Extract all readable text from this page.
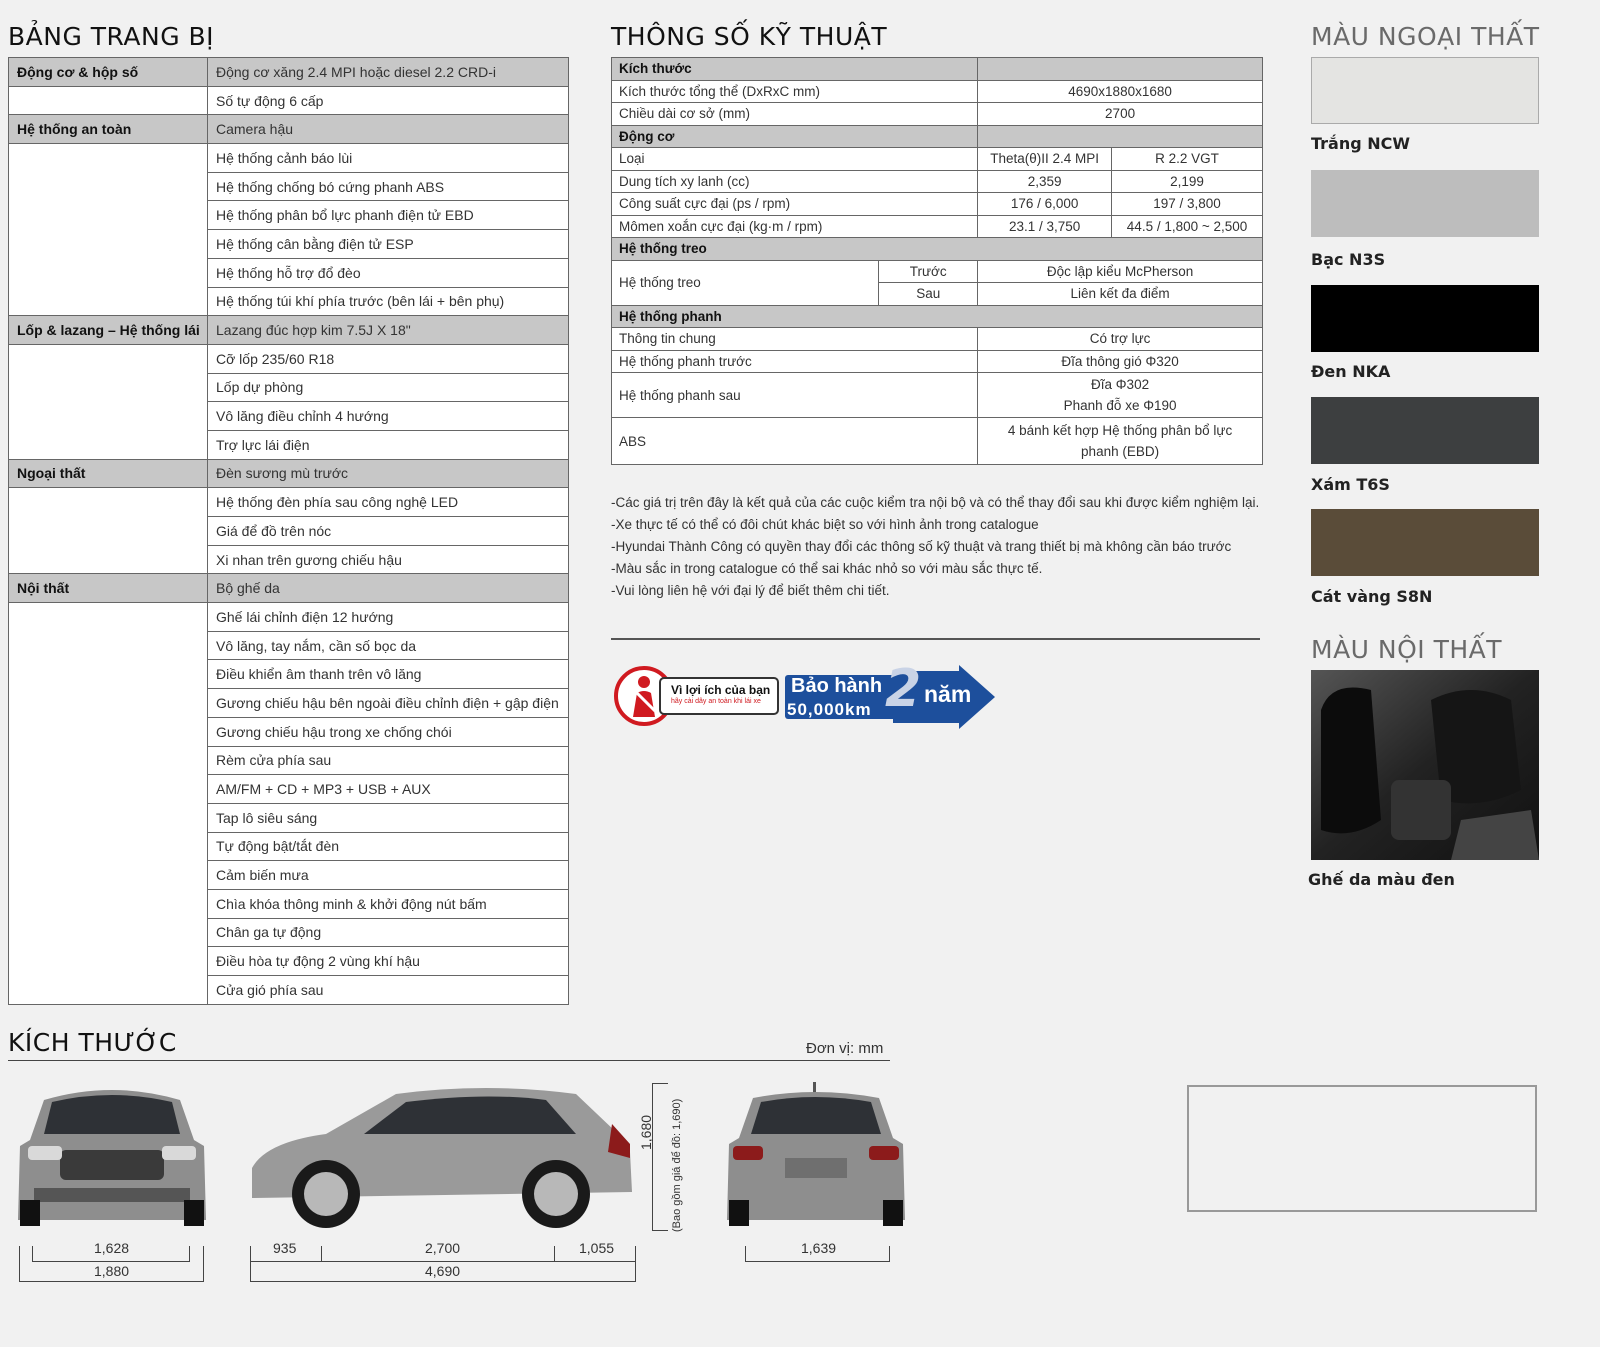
BẢNG TRANG BỊ
Động cơ & hộp số	Động cơ xăng 2.4 MPI hoặc diesel 2.2 CRD-i
	Số tự động 6 cấp
Hệ thống an toàn	Camera hậu
	Hệ thống cảnh báo lùi
	Hệ thống chống bó cứng phanh ABS
	Hệ thống phân bổ lực phanh điện tử EBD
	Hệ thống cân bằng điện tử ESP
	Hệ thống hỗ trợ đổ đèo
	Hệ thống túi khí phía trước (bên lái + bên phụ)
Lốp & lazang – Hệ thống lái	Lazang đúc hợp kim 7.5J X 18"
	Cỡ lốp 235/60 R18
	Lốp dự phòng
	Vô lăng điều chỉnh 4 hướng
	Trợ lực lái điện
Ngoại thất	Đèn sương mù trước
	Hệ thống đèn phía sau công nghệ LED
	Giá để đồ trên nóc
	Xi nhan trên gương chiếu hậu
Nội thất	Bộ ghế da
	Ghế lái chỉnh điện 12 hướng
	Vô lăng, tay nắm, cần số bọc da
	Điều khiển âm thanh trên vô lăng
	Gương chiếu hậu bên ngoài điều chỉnh điện + gập điện
	Gương chiếu hậu trong xe chống chói
	Rèm cửa phía sau
	AM/FM + CD + MP3 + USB + AUX
	Tap lô siêu sáng
	Tự động bật/tắt đèn
	Cảm biến mưa
	Chìa khóa thông minh & khởi động nút bấm
	Chân ga tự động
	Điều hòa tự động 2 vùng khí hậu
	Cửa gió phía sau
THÔNG SỐ KỸ THUẬT
Kích thước			
Kích thước tổng thể (DxRxC mm)		4690x1880x1680	
Chiều dài cơ sở (mm)		2700	
Động cơ			
Loại		Theta(θ)II 2.4 MPI	R 2.2 VGT
Dung tích xy lanh (cc)		2,359	2,199
Công suất cực đại (ps / rpm)		176 / 6,000	197 / 3,800
Mômen xoắn cực đại (kg·m / rpm)		23.1 / 3,750	44.5 / 1,800 ~ 2,500
Hệ thống treo			
Hệ thống treo	Trước	Độc lập kiểu McPherson	
	Sau	Liên kết đa điểm	
Hệ thống phanh			
Thông tin chung		Có trợ lực	
Hệ thống phanh trước		Đĩa thông gió Φ320	
Hệ thống phanh sau		Đĩa Φ302
Phanh đỗ xe Φ190	

ABS		4 bánh kết hợp Hệ thống phân bổ lực phanh (EBD)	
-Các giá trị trên đây là kết quả của các cuộc kiểm tra nội bộ và có thể thay đổi sau khi được kiểm nghiệm lại.
-Xe thực tế có thể có đôi chút khác biệt so với hình ảnh trong catalogue
-Hyundai Thành Công có quyền thay đổi các thông số kỹ thuật và trang thiết bị mà không cần báo trước
-Màu sắc in trong catalogue có thể sai khác nhỏ so với màu sắc thực tế.
-Vui lòng liên hệ với đại lý để biết thêm chi tiết.
Vì lợi ích của bạn
hãy cài dây an toàn khi lái xe
Bảo hành 2 năm
50,000km
MÀU NGOẠI THẤT
Trắng NCW
Bạc N3S
Đen NKA
Xám T6S
Cát vàng S8N
MÀU NỘI THẤT
Ghế da màu đen
KÍCH THƯỚC	Đơn vị: mm
1,628
1,880
935	2,700	1,055
4,690
1,680 (Bao gồm giá để đồ: 1,690)
1,639
